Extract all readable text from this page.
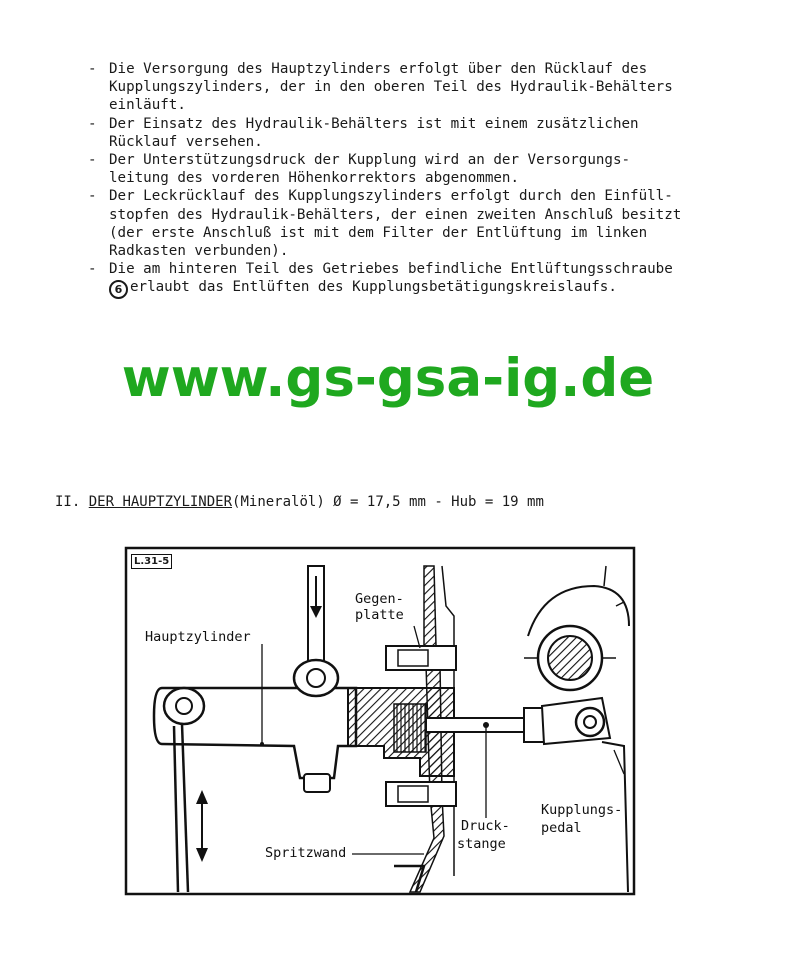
- Die Versorgung des Hauptzylinders erfolgt über den Rücklauf des
Kupplungszylinders, der in den oberen Teil des Hydraulik-Behälters
einläuft.
- Der Einsatz des Hydraulik-Behälters ist mit einem zusätzlichen
Rücklauf versehen.
- Der Unterstützungsdruck der Kupplung wird an der Versorgungs-
leitung des vorderen Höhenkorrektors abgenommen.
- Der Leckrücklauf des Kupplungszylinders erfolgt durch den Einfüll-
stopfen des Hydraulik-Behälters, der einen zweiten Anschluß besitzt
(der erste Anschluß ist mit dem Filter der Entlüftung im linken
Radkasten verbunden).
- Die am hinteren Teil des Getriebes befindliche Entlüftungsschraube
6 erlaubt das Entlüften des Kupplungsbetätigungskreislaufs.
www.gs-gsa-ig.de
II. DER HAUPTZYLINDER(Mineralöl) Ø = 17,5 mm - Hub = 19 mm
L.31-5
Gegen-
platte
Hauptzylinder
Kupplungs-
pedal
Druck-
stange
Spritzwand
